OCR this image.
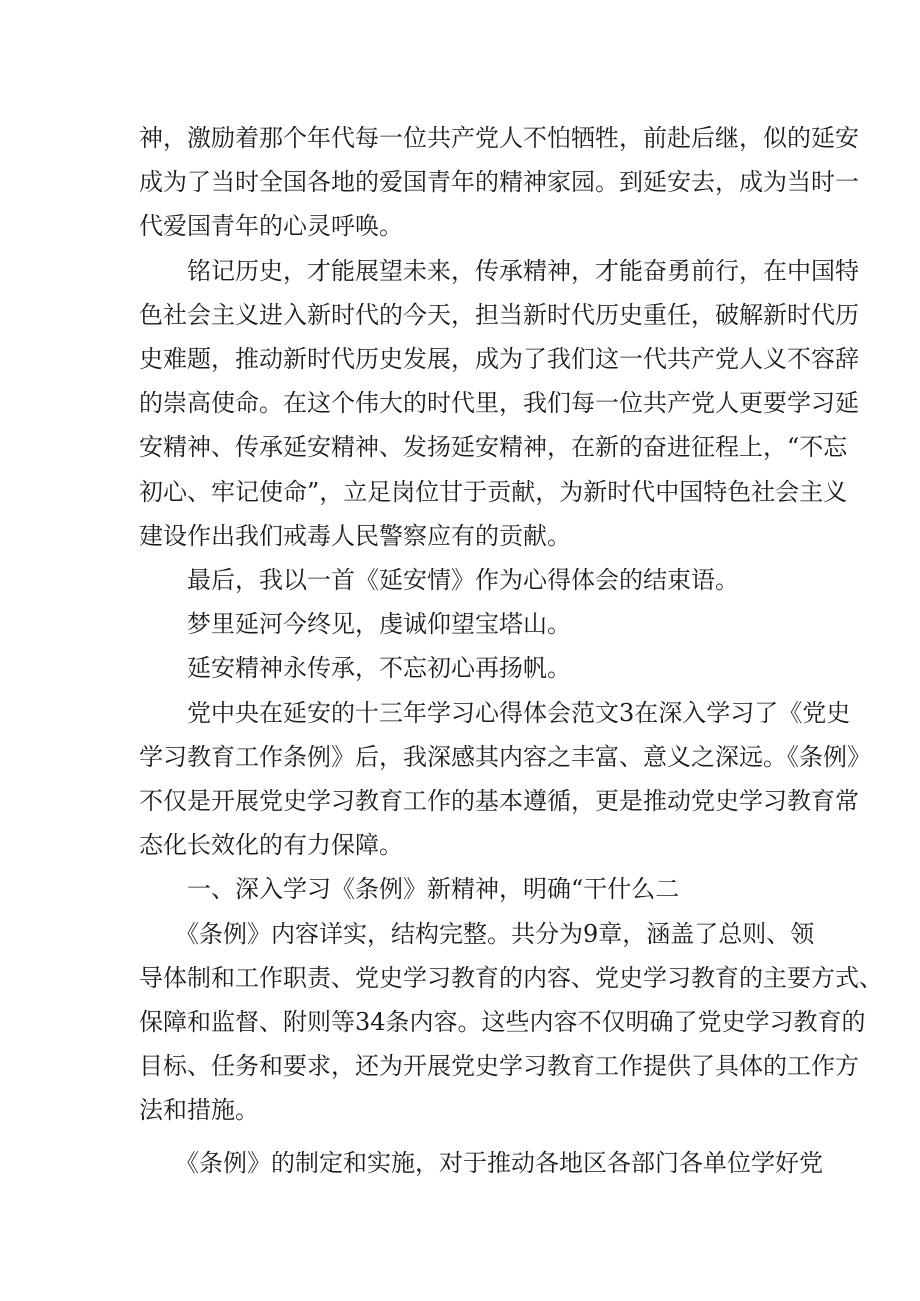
神，激励着那个年代每一位共产党人不怕牺牲，前赴后继，似的延安
成为了当时全国各地的爱国青年的精神家园。到延安去，成为当时一
代爱国青年的心灵呼唤。

铭记历史，才能展望未来，传承精神，才能奋勇前行，在中国特
色社会主义进入新时代的今天，担当新时代历史重任，破解新时代历
史难题，推动新时代历史发展，成为了我们这一代共产党人义不容辞
的崇高使命。在这个伟大的时代里，我们每一位共产党人更要学习延
安精神、传承延安精神、发扬延安精神，在新的奋进征程上，“不忘
初心、牢记使命”，立足岗位甘于贡献，为新时代中国特色社会主义
建设作出我们戒毒人民警察应有的贡献。

最后，我以一首《延安情》作为心得体会的结束语。

梦里延河今终见，虔诚仰望宝塔山。

延安精神永传承，不忘初心再扬帆。

党中央在延安的十三年学习心得体会范文3在深入学习了《党史
学习教育工作条例》后，我深感其内容之丰富、意义之深远。《条例》
不仅是开展党史学习教育工作的基本遵循，更是推动党史学习教育常
态化长效化的有力保障。

一、深入学习《条例》新精神，明确“干什么二

《条例》内容详实，结构完整。共分为9章，涵盖了总则、领
导体制和工作职责、党史学习教育的内容、党史学习教育的主要方式、
保障和监督、附则等34条内容。这些内容不仅明确了党史学习教育的
目标、任务和要求，还为开展党史学习教育工作提供了具体的工作方
法和措施。

《条例》的制定和实施，对于推动各地区各部门各单位学好党
